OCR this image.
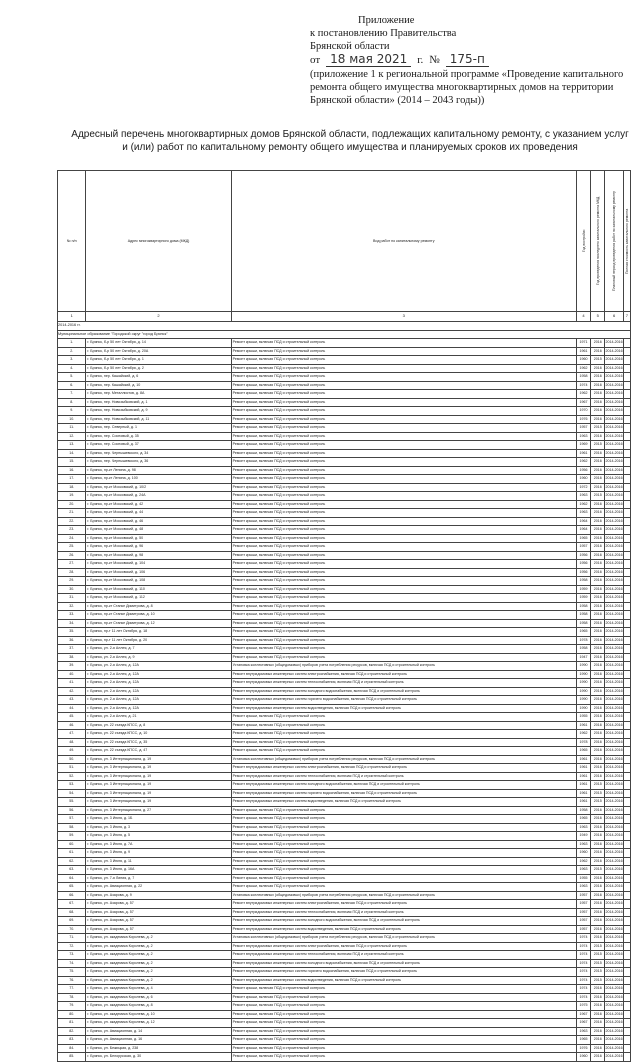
Приложение
к постановлению Правительства
Брянской области
от 18 мая 2021 г. № 175-п
(приложение 1 к региональной программе «Проведение капитального ремонта общего имущества многоквартирных домов на территории Брянской области» (2014 – 2043 годы))
Адресный перечень многоквартирных домов Брянской области, подлежащих капитальному ремонту, с указанием услуг и (или) работ по капитальному ремонту общего имущества и планируемых сроков их проведения
№ п/п	Адрес многоквартирного дома (МКД)	Вид работ по капитальному ремонту	Год постройки	Год проведения последнего капитального ремонта МКД	Плановый период проведения работ по капитальному ремонту	Полная стоимость капитального ремонта

1	2	3	4	5	6	7
2014-2016 гг.						
Муниципальное образование "Городской округ "город Брянск"						
1.	г. Брянск, б-р 50 лет Октября, д. 14	Ремонт крыши, включая ПСД и строительный контроль	1971	2016	2014-2016	
2.	г. Брянск, б-р 50 лет Октября, д. 20А	Ремонт крыши, включая ПСД и строительный контроль	1961	2016	2014-2016	
3.	г. Брянск, б-р 50 лет Октября, д. 1	Ремонт крыши, включая ПСД и строительный контроль	1960	2015	2014-2016	
4.	г. Брянск, б-р 50 лет Октября, д. 2	Ремонт крыши, включая ПСД и строительный контроль	1962	2016	2014-2016	
5.	г. Брянск, пер. Кашайский, д. 6	Ремонт крыши, включая ПСД и строительный контроль	1958	2016	2014-2016	
6.	г. Брянск, пер. Кашайский, д. 10	Ремонт крыши, включая ПСД и строительный контроль	1974	2016	2014-2016	
7.	г. Брянск, пер. Металлистов, д. 8А	Ремонт крыши, включая ПСД и строительный контроль	1962	2016	2014-2016	
8.	г. Брянск, пер. Новозыбковский, д. 1	Ремонт крыши, включая ПСД и строительный контроль	1967	2016	2014-2016	
9.	г. Брянск, пер. Новозыбковский, д. 9	Ремонт крыши, включая ПСД и строительный контроль	1970	2016	2014-2016	
10.	г. Брянск, пер. Новозыбковский, д. 11	Ремонт крыши, включая ПСД и строительный контроль	1976	2016	2014-2016	
11.	г. Брянск, пер. Северный, д. 1	Ремонт крыши, включая ПСД и строительный контроль	1957	2015	2014-2016	
12.	г. Брянск, пер. Сосновый, д. 35	Ремонт крыши, включая ПСД и строительный контроль	1963	2016	2014-2016	
13.	г. Брянск, пер. Сосновый, д. 37	Ремонт крыши, включая ПСД и строительный контроль	1969	2015	2014-2016	
14.	г. Брянск, пер. Чернышевского, д. 34	Ремонт крыши, включая ПСД и строительный контроль	1961	2016	2014-2016	
15.	г. Брянск, пер. Чернышевского, д. 36	Ремонт крыши, включая ПСД и строительный контроль	1962	2016	2014-2016	
16.	г. Брянск, пр-кт Ленина, д. 98	Ремонт крыши, включая ПСД и строительный контроль	1956	2016	2014-2016	
17.	г. Брянск, пр-кт Ленина, д. 100	Ремонт крыши, включая ПСД и строительный контроль	1960	2016	2014-2016	
18.	г. Брянск, пр-кт Московский, д. 10/2	Ремонт крыши, включая ПСД и строительный контроль	1972	2016	2014-2016	
19.	г. Брянск, пр-кт Московский, д. 24А	Ремонт крыши, включая ПСД и строительный контроль	1963	2015	2014-2016	
20.	г. Брянск, пр-кт Московский, д. 42	Ремонт крыши, включая ПСД и строительный контроль	1962	2016	2014-2016	
21.	г. Брянск, пр-кт Московский, д. 44	Ремонт крыши, включая ПСД и строительный контроль	1963	2016	2014-2016	
22.	г. Брянск, пр-кт Московский, д. 46	Ремонт крыши, включая ПСД и строительный контроль	1964	2016	2014-2016	
23.	г. Брянск, пр-кт Московский, д. 48	Ремонт крыши, включая ПСД и строительный контроль	1964	2016	2014-2016	
24.	г. Брянск, пр-кт Московский, д. 50	Ремонт крыши, включая ПСД и строительный контроль	1965	2016	2014-2016	
25.	г. Брянск, пр-кт Московский, д. 96	Ремонт крыши, включая ПСД и строительный контроль	1957	2016	2014-2016	
26.	г. Брянск, пр-кт Московский, д. 98	Ремонт крыши, включая ПСД и строительный контроль	1956	2016	2014-2016	
27.	г. Брянск, пр-кт Московский, д. 104	Ремонт крыши, включая ПСД и строительный контроль	1956	2016	2014-2016	
28.	г. Брянск, пр-кт Московский, д. 106	Ремонт крыши, включая ПСД и строительный контроль	1956	2016	2014-2016	
29.	г. Брянск, пр-кт Московский, д. 108	Ремонт крыши, включая ПСД и строительный контроль	1958	2016	2014-2016	
30.	г. Брянск, пр-кт Московский, д. 110	Ремонт крыши, включая ПСД и строительный контроль	1959	2016	2014-2016	
31.	г. Брянск, пр-кт Московский, д. 112	Ремонт крыши, включая ПСД и строительный контроль	1959	2016	2014-2016	
32.	г. Брянск, пр-кт Станке Димитрова, д. 8	Ремонт крыши, включая ПСД и строительный контроль	1958	2016	2014-2016	
33.	г. Брянск, пр-кт Станке Димитрова, д. 10	Ремонт крыши, включая ПСД и строительный контроль	1958	2016	2014-2016	
34.	г. Брянск, пр-кт Станке Димитрова, д. 12	Ремонт крыши, включая ПСД и строительный контроль	1958	2016	2014-2016	
35.	г. Брянск, пр-т 11 лет Октября, д. 18	Ремонт крыши, включая ПСД и строительный контроль	1965	2016	2014-2016	
36.	г. Брянск, пр-т 11 лет Октября, д. 20	Ремонт крыши, включая ПСД и строительный контроль	1978	2016	2014-2016	
37.	г. Брянск, ул. 2-я Аллея, д. 7	Ремонт крыши, включая ПСД и строительный контроль	1958	2016	2014-2016	
38.	г. Брянск, ул. 2-я Аллея, д. 9	Ремонт крыши, включая ПСД и строительный контроль	1947	2016	2014-2016	
39.	г. Брянск, ул. 2-я Аллея, д. 12А	Установка коллективных (общедомовых) приборов учета потребления ресурсов, включая ПСД и строительный контроль	1990	2016	2014-2016	
40.	г. Брянск, ул. 2-я Аллея, д. 12А	Ремонт внутридомовых инженерных систем электроснабжения, включая ПСД и строительный контроль	1990	2016	2014-2016	
41.	г. Брянск, ул. 2-я Аллея, д. 12А	Ремонт внутридомовых инженерных систем теплоснабжения, включая ПСД и строительный контроль	1990	2016	2014-2016	
42.	г. Брянск, ул. 2-я Аллея, д. 12А	Ремонт внутридомовых инженерных систем холодного водоснабжения, включая ПСД и строительный контроль	1990	2016	2014-2016	
43.	г. Брянск, ул. 2-я Аллея, д. 12А	Ремонт внутридомовых инженерных систем горячего водоснабжения, включая ПСД и строительный контроль	1990	2016	2014-2016	
44.	г. Брянск, ул. 2-я Аллея, д. 12А	Ремонт внутридомовых инженерных систем водоотведения, включая ПСД и строительный контроль	1990	2016	2014-2016	
45.	г. Брянск, ул. 2-я Аллея, д. 21	Ремонт крыши, включая ПСД и строительный контроль	1955	2016	2014-2016	
46.	г. Брянск, ул. 22 съезда КПСС, д. 8	Ремонт крыши, включая ПСД и строительный контроль	1961	2016	2014-2016	
47.	г. Брянск, ул. 22 съезда КПСС, д. 10	Ремонт крыши, включая ПСД и строительный контроль	1962	2016	2014-2016	
48.	г. Брянск, ул. 22 съезда КПСС, д. 35	Ремонт крыши, включая ПСД и строительный контроль	1978	2016	2014-2016	
49.	г. Брянск, ул. 22 съезда КПСС, д. 47	Ремонт крыши, включая ПСД и строительный контроль	1965	2016	2014-2016	
50.	г. Брянск, ул. 3 Интернационала, д. 19	Установка коллективных (общедомовых) приборов учета потребления ресурсов, включая ПСД и строительный контроль	1961	2016	2014-2016	
51.	г. Брянск, ул. 3 Интернационала, д. 19	Ремонт внутридомовых инженерных систем электроснабжения, включая ПСД и строительный контроль	1961	2016	2014-2016	
52.	г. Брянск, ул. 3 Интернационала, д. 19	Ремонт внутридомовых инженерных систем теплоснабжения, включая ПСД и строительный контроль	1961	2016	2014-2016	
53.	г. Брянск, ул. 3 Интернационала, д. 19	Ремонт внутридомовых инженерных систем холодного водоснабжения, включая ПСД и строительный контроль	1961	2015	2014-2016	
54.	г. Брянск, ул. 3 Интернационала, д. 19	Ремонт внутридомовых инженерных систем горячего водоснабжения, включая ПСД и строительный контроль	1961	2015	2014-2016	
55.	г. Брянск, ул. 3 Интернационала, д. 19	Ремонт внутридомовых инженерных систем водоотведения, включая ПСД и строительный контроль	1961	2015	2014-2016	
56.	г. Брянск, ул. 3 Интернационала, д. 27	Ремонт крыши, включая ПСД и строительный контроль	1958	2016	2014-2016	
57.	г. Брянск, ул. 3 Июля, д. 1Б	Ремонт крыши, включая ПСД и строительный контроль	1965	2016	2014-2016	
58.	г. Брянск, ул. 3 Июля, д. 3	Ремонт крыши, включая ПСД и строительный контроль	1963	2016	2014-2016	
59.	г. Брянск, ул. 3 Июля, д. 5	Ремонт крыши, включая ПСД и строительный контроль	1949	2016	2014-2016	
60.	г. Брянск, ул. 3 Июля, д. 7А	Ремонт крыши, включая ПСД и строительный контроль	1963	2016	2014-2016	
61.	г. Брянск, ул. 3 Июля, д. 9	Ремонт крыши, включая ПСД и строительный контроль	1960	2016	2014-2016	
62.	г. Брянск, ул. 3 Июля, д. 11	Ремонт крыши, включая ПСД и строительный контроль	1962	2016	2014-2016	
63.	г. Брянск, ул. 3 Июля, д. 16А	Ремонт крыши, включая ПСД и строительный контроль	1963	2015	2014-2016	
64.	г. Брянск, ул. 7-я Линия, д. 7	Ремонт крыши, включая ПСД и строительный контроль	1955	2016	2014-2016	
65.	г. Брянск, ул. Авиационная, д. 22	Ремонт крыши, включая ПСД и строительный контроль	1963	2016	2014-2016	
66.	г. Брянск, ул. Азарова, д. 9	Установка коллективных (общедомовых) приборов учета потребления ресурсов, включая ПСД и строительный контроль	1957	2016	2014-2016	
67.	г. Брянск, ул. Азарова, д. 57	Ремонт внутридомовых инженерных систем электроснабжения, включая ПСД и строительный контроль	1957	2016	2014-2016	
68.	г. Брянск, ул. Азарова, д. 57	Ремонт внутридомовых инженерных систем теплоснабжения, включая ПСД и строительный контроль	1957	2016	2014-2016	
69.	г. Брянск, ул. Азарова, д. 57	Ремонт внутридомовых инженерных систем холодного водоснабжения, включая ПСД и строительный контроль	1957	2016	2014-2016	
70.	г. Брянск, ул. Азарова, д. 57	Ремонт внутридомовых инженерных систем водоотведения, включая ПСД и строительный контроль	1957	2016	2014-2016	
71.	г. Брянск, ул. академика Королева, д. 2	Установка коллективных (общедомовых) приборов учета потребления ресурсов, включая ПСД и строительный контроль	1974	2016	2014-2016	
72.	г. Брянск, ул. академика Королева, д. 2	Ремонт внутридомовых инженерных систем электроснабжения, включая ПСД и строительный контроль	1974	2015	2014-2016	
73.	г. Брянск, ул. академика Королева, д. 2	Ремонт внутридомовых инженерных систем теплоснабжения, включая ПСД и строительный контроль	1974	2015	2014-2016	
74.	г. Брянск, ул. академика Королева, д. 2	Ремонт внутридомовых инженерных систем холодного водоснабжения, включая ПСД и строительный контроль	1974	2015	2014-2016	
75.	г. Брянск, ул. академика Королева, д. 2	Ремонт внутридомовых инженерных систем горячего водоснабжения, включая ПСД и строительный контроль	1974	2015	2014-2016	
76.	г. Брянск, ул. академика Королева, д. 2	Ремонт внутридомовых инженерных систем водоотведения, включая ПСД и строительный контроль	1974	2015	2014-2016	
77.	г. Брянск, ул. академика Королева, д. 4	Ремонт крыши, включая ПСД и строительный контроль	1974	2016	2014-2016	
78.	г. Брянск, ул. академика Королева, д. 6	Ремонт крыши, включая ПСД и строительный контроль	1974	2016	2014-2016	
79.	г. Брянск, ул. академика Королева, д. 8	Ремонт крыши, включая ПСД и строительный контроль	1975	2016	2014-2016	
80.	г. Брянск, ул. академика Королева, д. 10	Ремонт крыши, включая ПСД и строительный контроль	1967	2016	2014-2016	
81.	г. Брянск, ул. академика Королева, д. 12	Ремонт крыши, включая ПСД и строительный контроль	1967	2016	2014-2016	
82.	г. Брянск, ул. Авиационная, д. 14	Ремонт крыши, включая ПСД и строительный контроль	1963	2016	2014-2016	
83.	г. Брянск, ул. Авиационная, д. 16	Ремонт крыши, включая ПСД и строительный контроль	1965	2016	2014-2016	
84.	г. Брянск, ул. Бежицкая, д. 238	Ремонт крыши, включая ПСД и строительный контроль	1976	2016	2014-2016	
85.	г. Брянск, ул. Белорусская, д. 30	Ремонт крыши, включая ПСД и строительный контроль	1960	2016	2014-2016	
